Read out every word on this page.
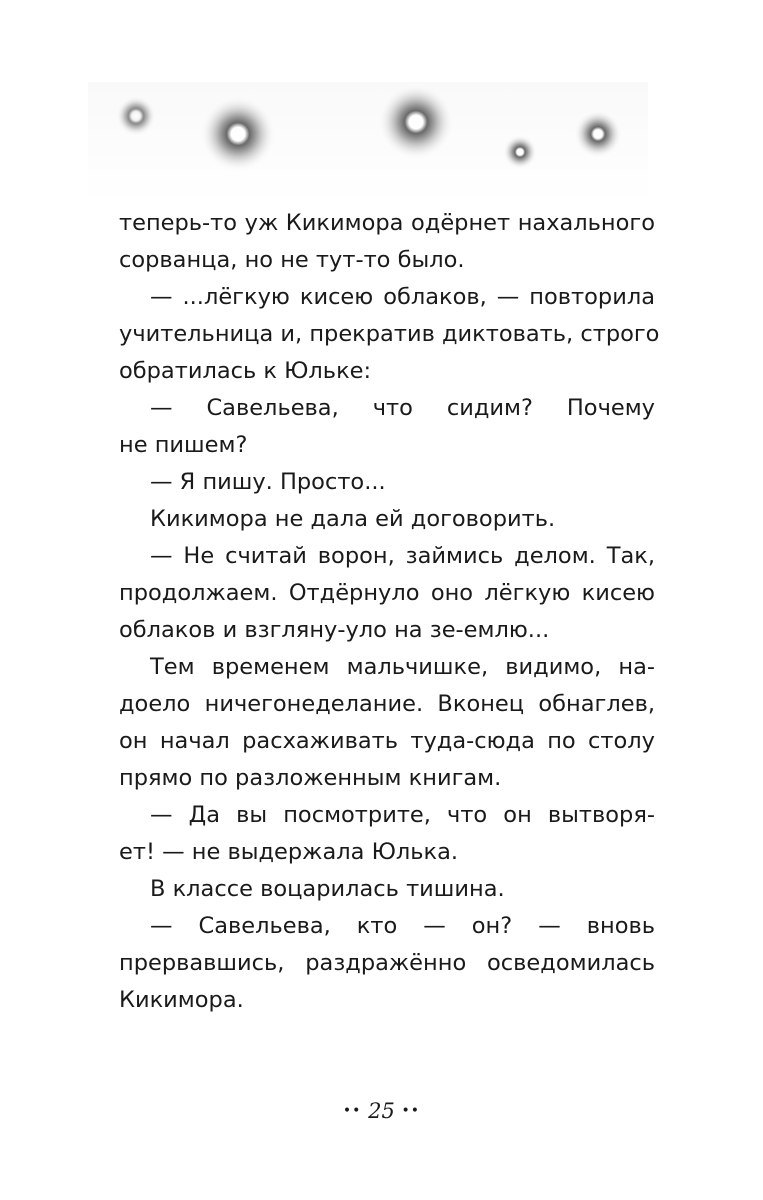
теперь-то уж Кикимора одёрнет нахального
сорванца, но не тут-то было.
— ...лёгкую кисею облаков, — повторила
учительница и, прекратив диктовать, строго
обратилась к Юльке:
— Савельева, что сидим? Почему
не пишем?
— Я пишу. Просто...
Кикимора не дала ей договорить.
— Не считай ворон, займись делом. Так,
продолжаем. Отдёрнуло оно лёгкую кисею
облаков и взгляну-уло на зе-емлю...
Тем временем мальчишке, видимо, на-
доело ничегонеделание. Вконец обнаглев,
он начал расхаживать туда-сюда по столу
прямо по разложенным книгам.
— Да вы посмотрите, что он вытворя-
ет! — не выдержала Юлька.
В классе воцарилась тишина.
— Савельева, кто — он? — вновь
прервавшись, раздражённо осведомилась
Кикимора.
•• 25 ••
